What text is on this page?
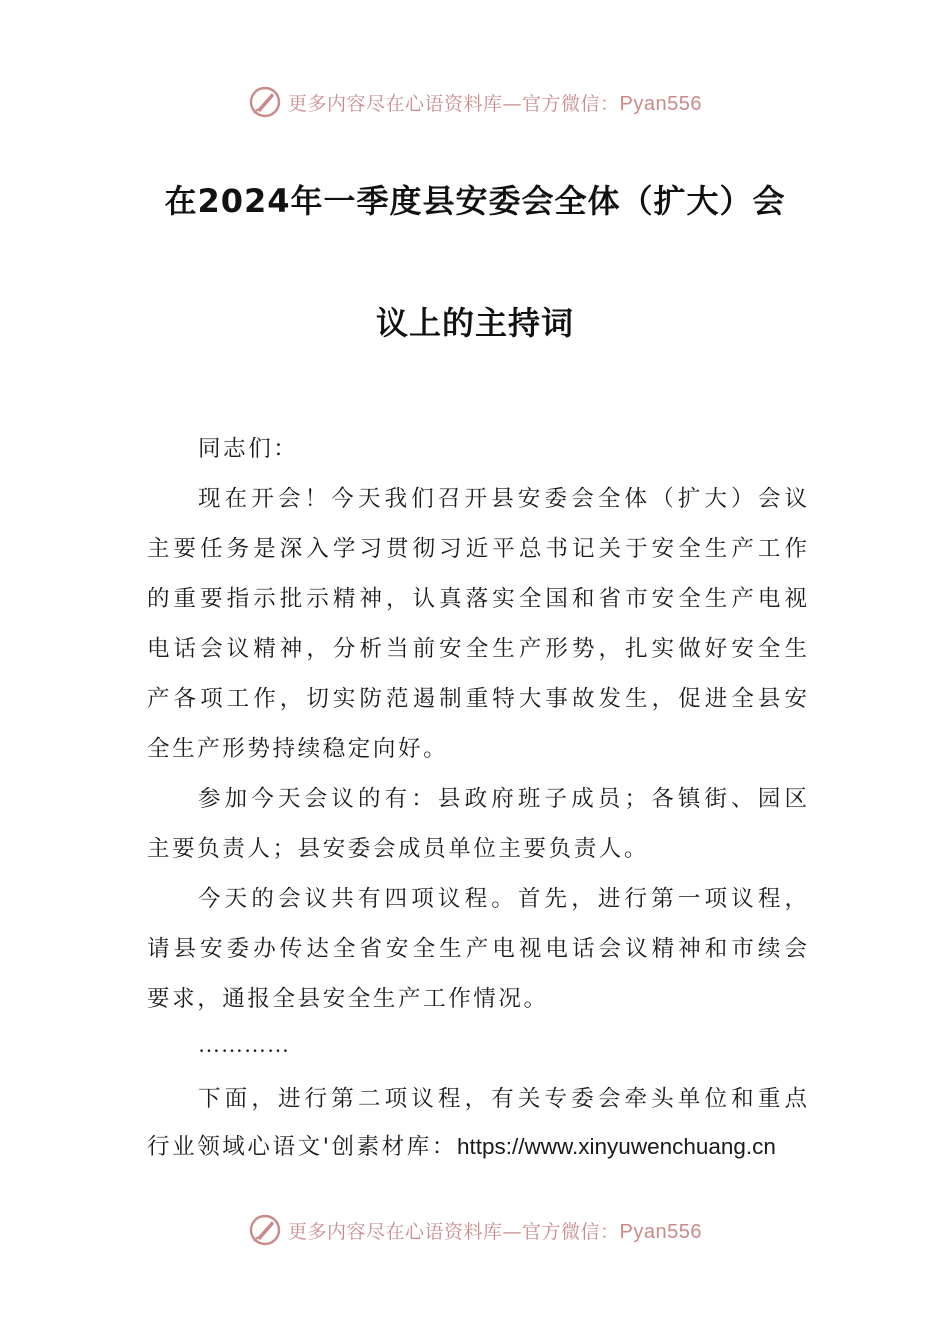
更多内容尽在心语资料库—官方微信：Pyan556
在2024年一季度县安委会全体（扩大）会
议上的主持词
同志们：
现在开会！今天我们召开县安委会全体（扩大）会议
主要任务是深入学习贯彻习近平总书记关于安全生产工作
的重要指示批示精神，认真落实全国和省市安全生产电视
电话会议精神，分析当前安全生产形势，扎实做好安全生
产各项工作，切实防范遏制重特大事故发生，促进全县安
全生产形势持续稳定向好。
参加今天会议的有：县政府班子成员；各镇街、园区
主要负责人；县安委会成员单位主要负责人。
今天的会议共有四项议程。首先，进行第一项议程，
请县安委办传达全省安全生产电视电话会议精神和市续会
要求，通报全县安全生产工作情况。
…………
下面，进行第二项议程，有关专委会牵头单位和重点
行业领域心语文'创素材库：https://www.xinyuwenchuang.cn
更多内容尽在心语资料库—官方微信：Pyan556
